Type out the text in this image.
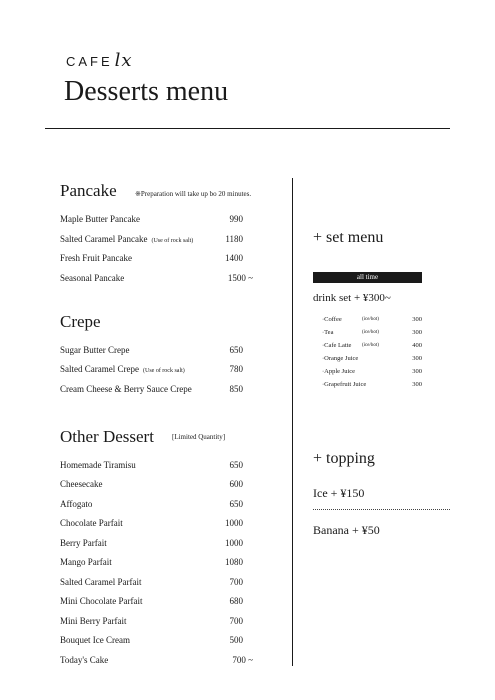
CAFE lx
Desserts menu
Pancake	※Preparation will take up bo 20 minutes.
Maple Butter Pancake	990
Salted Caramel Pancake (Use of rock salt)	1180
Fresh Fruit Pancake	1400
Seasonal Pancake	1500 ~
Crepe
Sugar Butter Crepe	650
Salted Caramel Crepe (Use of rock salt)	780
Cream Cheese & Berry Sauce Crepe	850
Other Dessert	[Limited Quantity]
Homemade Tiramisu	650
Cheesecake	600
Affogato	650
Chocolate Parfait	1000
Berry Parfait	1000
Mango Parfait	1080
Salted Caramel Parfait	700
Mini Chocolate Parfait	680
Mini Berry Parfait	700
Bouquet Ice Cream	500
Today's Cake	700 ~
+ set menu
all time
drink set + ¥300~
·Coffee	(ice/hot)	300
·Tea	(ice/hot)	300
·Cafe Latte (ice/hot)	400
·Orange Juice	300
·Apple Juice	300
·Grapefruit Juice	300
+ topping
Ice + ¥150
Banana + ¥50
